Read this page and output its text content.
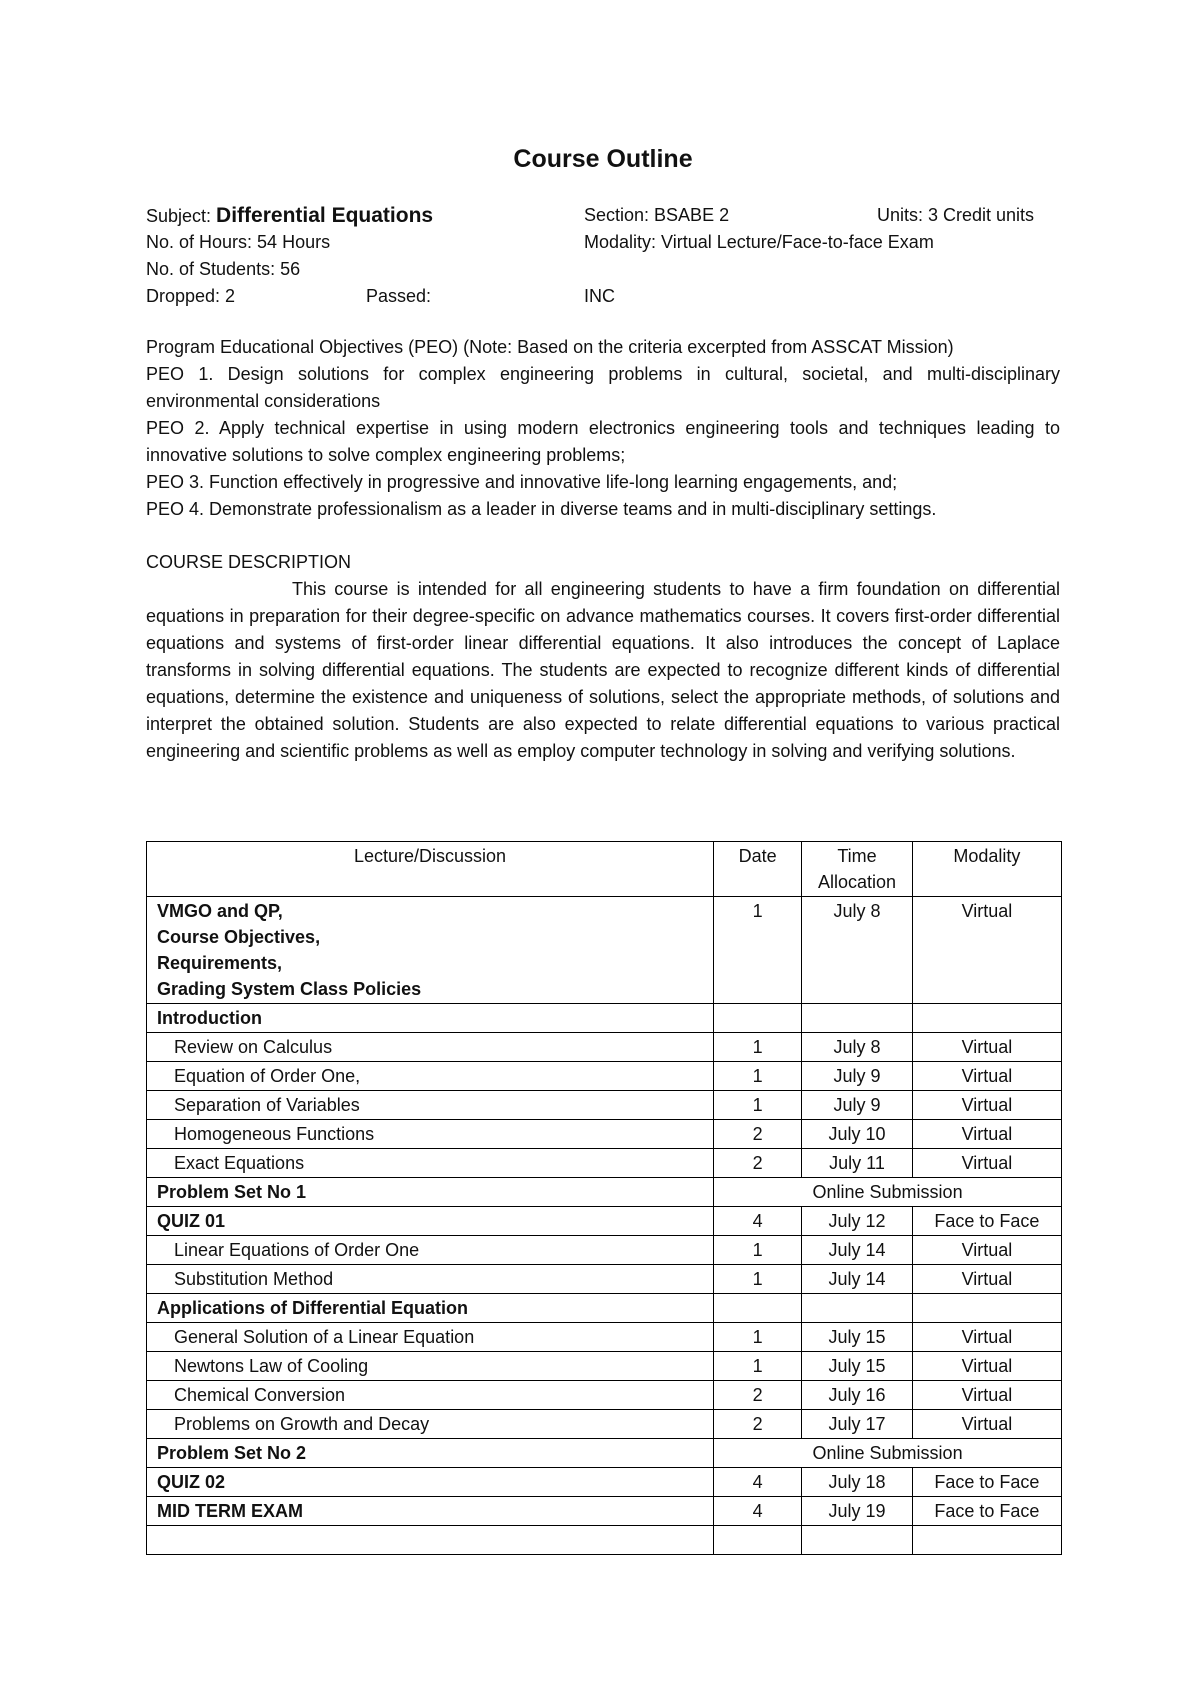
Course Outline
Subject: Differential Equations	Section: BSABE 2	Units: 3 Credit units
No. of Hours: 54 Hours	Modality: Virtual Lecture/Face-to-face Exam
No. of Students: 56
Dropped: 2	Passed:	INC

Program Educational Objectives (PEO) (Note: Based on the criteria excerpted from ASSCAT Mission)

PEO 1. Design solutions for complex engineering problems in cultural, societal, and multi-disciplinary environmental considerations

PEO 2. Apply technical expertise in using modern electronics engineering tools and techniques leading to innovative solutions to solve complex engineering problems;

PEO 3. Function effectively in progressive and innovative life-long learning engagements, and;

PEO 4. Demonstrate professionalism as a leader in diverse teams and in multi-disciplinary settings.

COURSE DESCRIPTION

This course is intended for all engineering students to have a firm foundation on differential equations in preparation for their degree-specific on advance mathematics courses. It covers first-order differential equations and systems of first-order linear differential equations. It also introduces the concept of Laplace transforms in solving differential equations. The students are expected to recognize different kinds of differential equations, determine the existence and uniqueness of solutions, select the appropriate methods, of solutions and interpret the obtained solution. Students are also expected to relate differential equations to various practical engineering and scientific problems as well as employ computer technology in solving and verifying solutions.

Lecture/Discussion	Date	Time Allocation	Modality

VMGO and QP,
Course Objectives,
Requirements,
Grading System Class Policies	1	July 8	Virtual
Introduction			
Review on Calculus	1	July 8	Virtual
Equation of Order One,	1	July 9	Virtual
Separation of Variables	1	July 9	Virtual
Homogeneous Functions	2	July 10	Virtual
Exact Equations	2	July 11	Virtual
Problem Set No 1	Online Submission		
QUIZ 01	4	July 12	Face to Face
Linear Equations of Order One	1	July 14	Virtual
Substitution Method	1	July 14	Virtual
Applications of Differential Equation			
General Solution of a Linear Equation	1	July 15	Virtual
Newtons Law of Cooling	1	July 15	Virtual
Chemical Conversion	2	July 16	Virtual
Problems on Growth and Decay	2	July 17	Virtual
Problem Set No 2	Online Submission		
QUIZ 02	4	July 18	Face to Face
MID TERM EXAM	4	July 19	Face to Face
